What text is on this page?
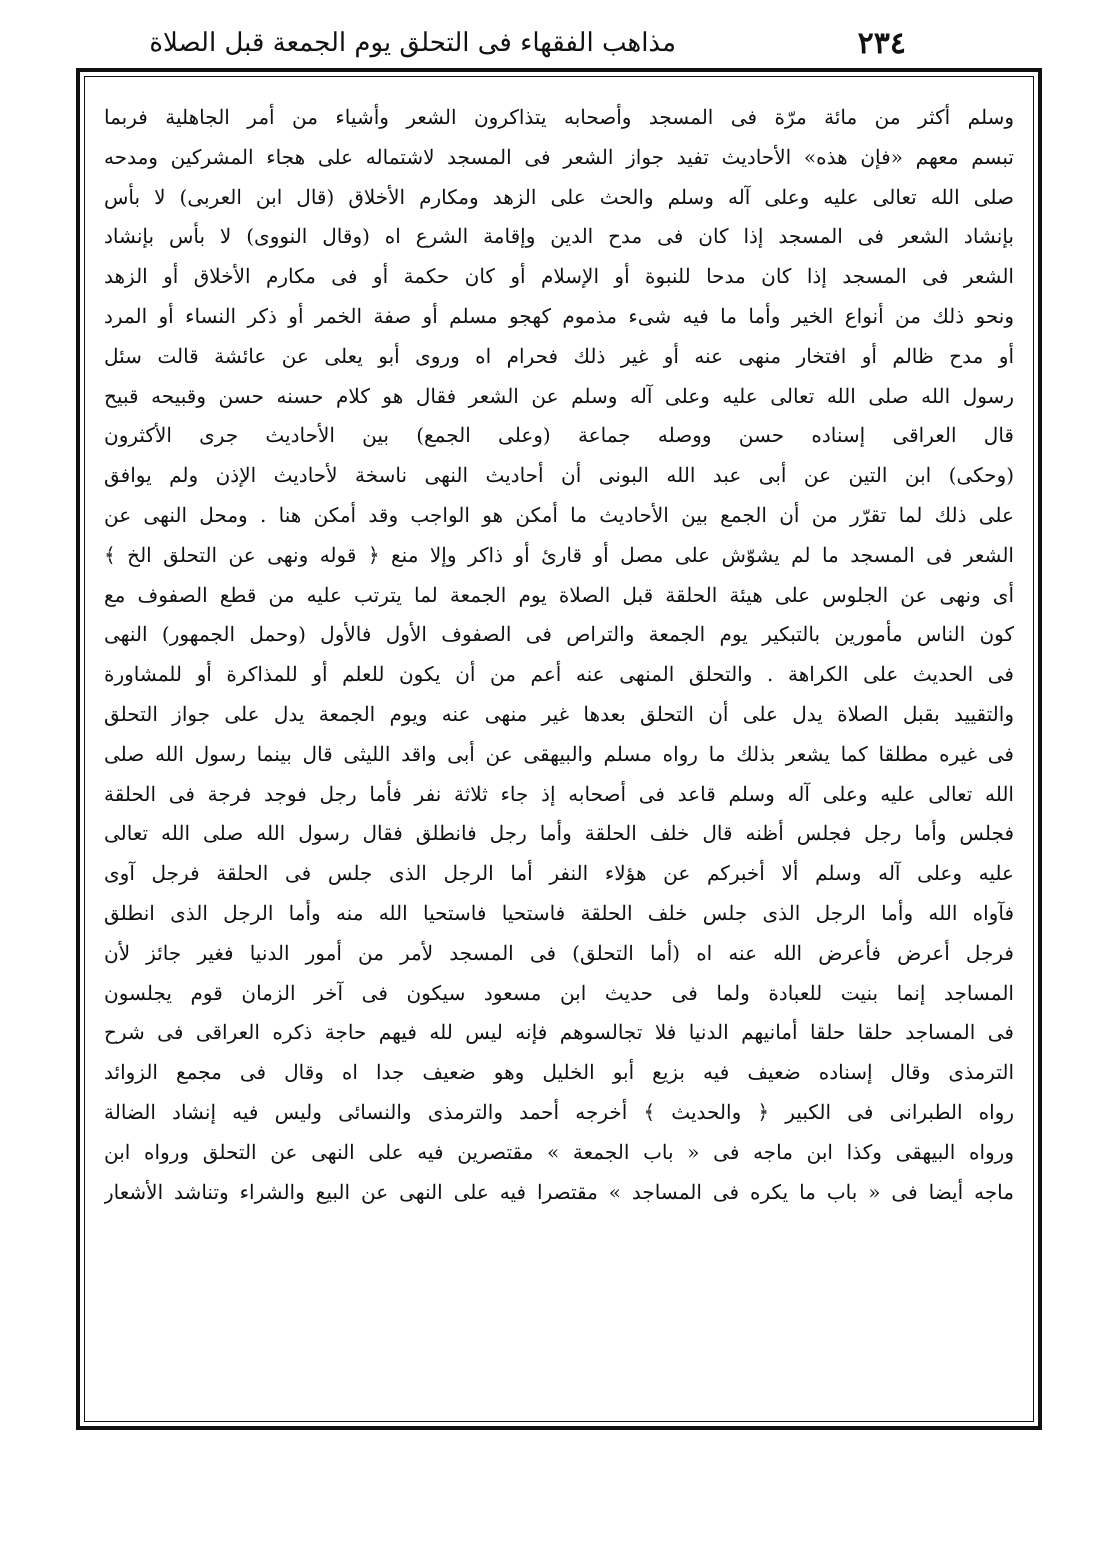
٢٣٤
مذاهب الفقهاء فى التحلق يوم الجمعة قبل الصلاة
وسلم أكثر من مائة مرّة فى المسجد وأصحابه يتذاكرون الشعر وأشياء من أمر الجاهلية فربما
تبسم معهم «فإن هذه» الأحاديث تفيد جواز الشعر فى المسجد لاشتماله على هجاء المشركين ومدحه
صلى الله تعالى عليه وعلى آله وسلم والحث على الزهد ومكارم الأخلاق (قال ابن العربى) لا بأس
بإنشاد الشعر فى المسجد إذا كان فى مدح الدين وإقامة الشرع اه (وقال النووى) لا بأس بإنشاد
الشعر فى المسجد إذا كان مدحا للنبوة أو الإسلام أو كان حكمة أو فى مكارم الأخلاق أو الزهد
ونحو ذلك من أنواع الخير وأما ما فيه شىء مذموم كهجو مسلم أو صفة الخمر أو ذكر النساء أو المرد
أو مدح ظالم أو افتخار منهى عنه أو غير ذلك فحرام اه وروى أبو يعلى عن عائشة قالت سئل
رسول الله صلى الله تعالى عليه وعلى آله وسلم عن الشعر فقال هو كلام حسنه حسن وقبيحه قبيح
قال العراقى إسناده حسن ووصله جماعة (وعلى الجمع) بين الأحاديث جرى الأكثرون
(وحكى) ابن التين عن أبى عبد الله البونى أن أحاديث النهى ناسخة لأحاديث الإذن ولم يوافق
على ذلك لما تقرّر من أن الجمع بين الأحاديث ما أمكن هو الواجب وقد أمكن هنا . ومحل النهى عن
الشعر فى المسجد ما لم يشوّش على مصل أو قارئ أو ذاكر وإلا منع ﴿ قوله ونهى عن التحلق الخ ﴾
أى ونهى عن الجلوس على هيئة الحلقة قبل الصلاة يوم الجمعة لما يترتب عليه من قطع الصفوف مع
كون الناس مأمورين بالتبكير يوم الجمعة والتراص فى الصفوف الأول فالأول (وحمل الجمهور) النهى
فى الحديث على الكراهة . والتحلق المنهى عنه أعم من أن يكون للعلم أو للمذاكرة أو للمشاورة
والتقييد بقبل الصلاة يدل على أن التحلق بعدها غير منهى عنه ويوم الجمعة يدل على جواز التحلق
فى غيره مطلقا كما يشعر بذلك ما رواه مسلم والبيهقى عن أبى واقد الليثى قال بينما رسول الله صلى
الله تعالى عليه وعلى آله وسلم قاعد فى أصحابه إذ جاء ثلاثة نفر فأما رجل فوجد فرجة فى الحلقة
فجلس وأما رجل فجلس أظنه قال خلف الحلقة وأما رجل فانطلق فقال رسول الله صلى الله تعالى
عليه وعلى آله وسلم ألا أخبركم عن هؤلاء النفر أما الرجل الذى جلس فى الحلقة فرجل آوى
فآواه الله وأما الرجل الذى جلس خلف الحلقة فاستحيا فاستحيا الله منه وأما الرجل الذى انطلق
فرجل أعرض فأعرض الله عنه اه (أما التحلق) فى المسجد لأمر من أمور الدنيا فغير جائز لأن
المساجد إنما بنيت للعبادة ولما فى حديث ابن مسعود سيكون فى آخر الزمان قوم يجلسون
فى المساجد حلقا حلقا أمانيهم الدنيا فلا تجالسوهم فإنه ليس لله فيهم حاجة ذكره العراقى فى شرح
الترمذى وقال إسناده ضعيف فيه بزيع أبو الخليل وهو ضعيف جدا اه وقال فى مجمع الزوائد
رواه الطبرانى فى الكبير ﴿ والحديث ﴾ أخرجه أحمد والترمذى والنسائى وليس فيه إنشاد الضالة
ورواه البيهقى وكذا ابن ماجه فى « باب الجمعة » مقتصرين فيه على النهى عن التحلق ورواه ابن
ماجه أيضا فى « باب ما يكره فى المساجد » مقتصرا فيه على النهى عن البيع والشراء وتناشد الأشعار
